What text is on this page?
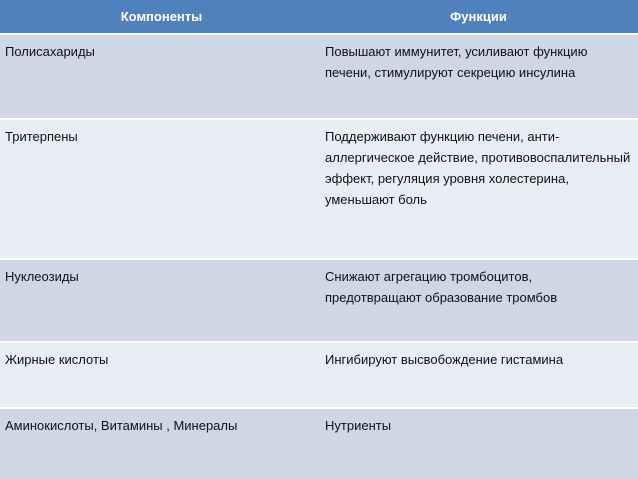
Компоненты	Функции
Полисахариды	Повышают иммунитет, усиливают функцию печени, стимулируют секрецию инсулина
Тритерпены	Поддерживают функцию печени, анти-аллергическое действие, противовоспалительный эффект, регуляция уровня холестерина, уменьшают боль
Нуклеозиды	Снижают агрегацию тромбоцитов, предотвращают образование тромбов
Жирные кислоты	Ингибируют высвобождение гистамина
Аминокислоты, Витамины , Минералы	Нутриенты
